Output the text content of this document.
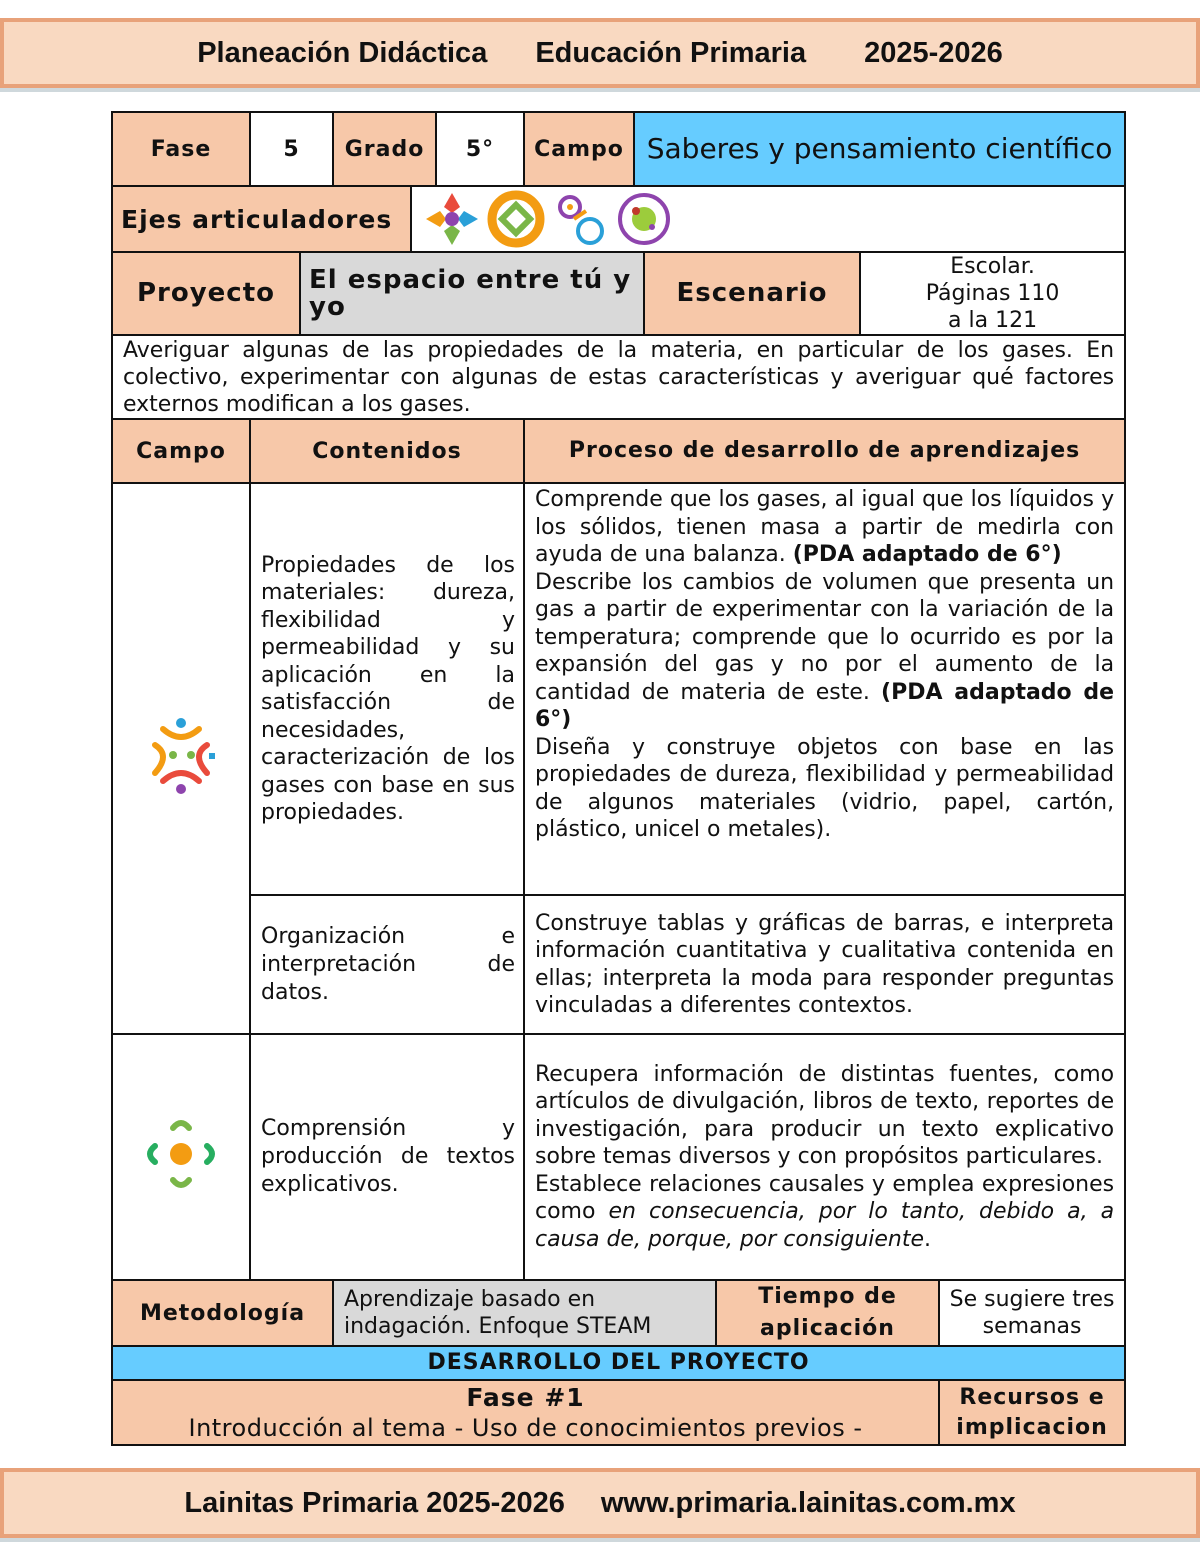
Planeación Didáctica Educación Primaria 2025-2026
Fase	5		Grado		5°	Campo	Saberes y pensamiento científico				
Ejes articuladores	

Proyecto		El espacio entre tú y yo						Escenario		Escolar.
Páginas 110
a la 121	

Averiguar algunas de las propiedades de la materia, en particular de los gases. En colectivo, experimentar con algunas de estas características y averiguar qué factores externos modifican a los gases.											
Campo	Contenidos					Proceso de desarrollo de aprendizajes					
	Propiedades de los materiales: dureza, flexibilidad y permeabilidad y su aplicación en la satisfacción de necesidades, caracterización de los gases con base en sus propiedades.					Comprende que los gases, al igual que los líquidos y los sólidos, tienen masa a partir de medirla con ayuda de una balanza. (PDA adaptado de 6°)
Describe los cambios de volumen que presenta un gas a partir de experimentar con la variación de la temperatura; comprende que lo ocurrido es por la expansión del gas y no por el aumento de la cantidad de materia de este. (PDA adaptado de 6°)
Diseña y construye objetos con base en las propiedades de dureza, flexibilidad y permeabilidad de algunos materiales (vidrio, papel, cartón, plástico, unicel o metales).					
	Organización e interpretación de datos.					Construye tablas y gráficas de barras, e interpreta información cuantitativa y cualitativa contenida en ellas; interpreta la moda para responder preguntas vinculadas a diferentes contextos.					
	Comprensión y producción de textos explicativos.					Recupera información de distintas fuentes, como artículos de divulgación, libros de texto, reportes de investigación, para producir un texto explicativo sobre temas diversos y con propósitos particulares.
Establece relaciones causales y emplea expresiones como en consecuencia, por lo tanto, debido a, a causa de, porque, por consiguiente.					
Metodología			Aprendizaje basado en indagación. Enfoque STEAM						Tiempo de aplicación		Se sugiere tres semanas
DESARROLLO DEL PROYECTO											

Fase #1
Introducción al tema - Uso de conocimientos previos -											Recursos e implicacion
Lainitas Primaria 2025-2026 www.primaria.lainitas.com.mx
